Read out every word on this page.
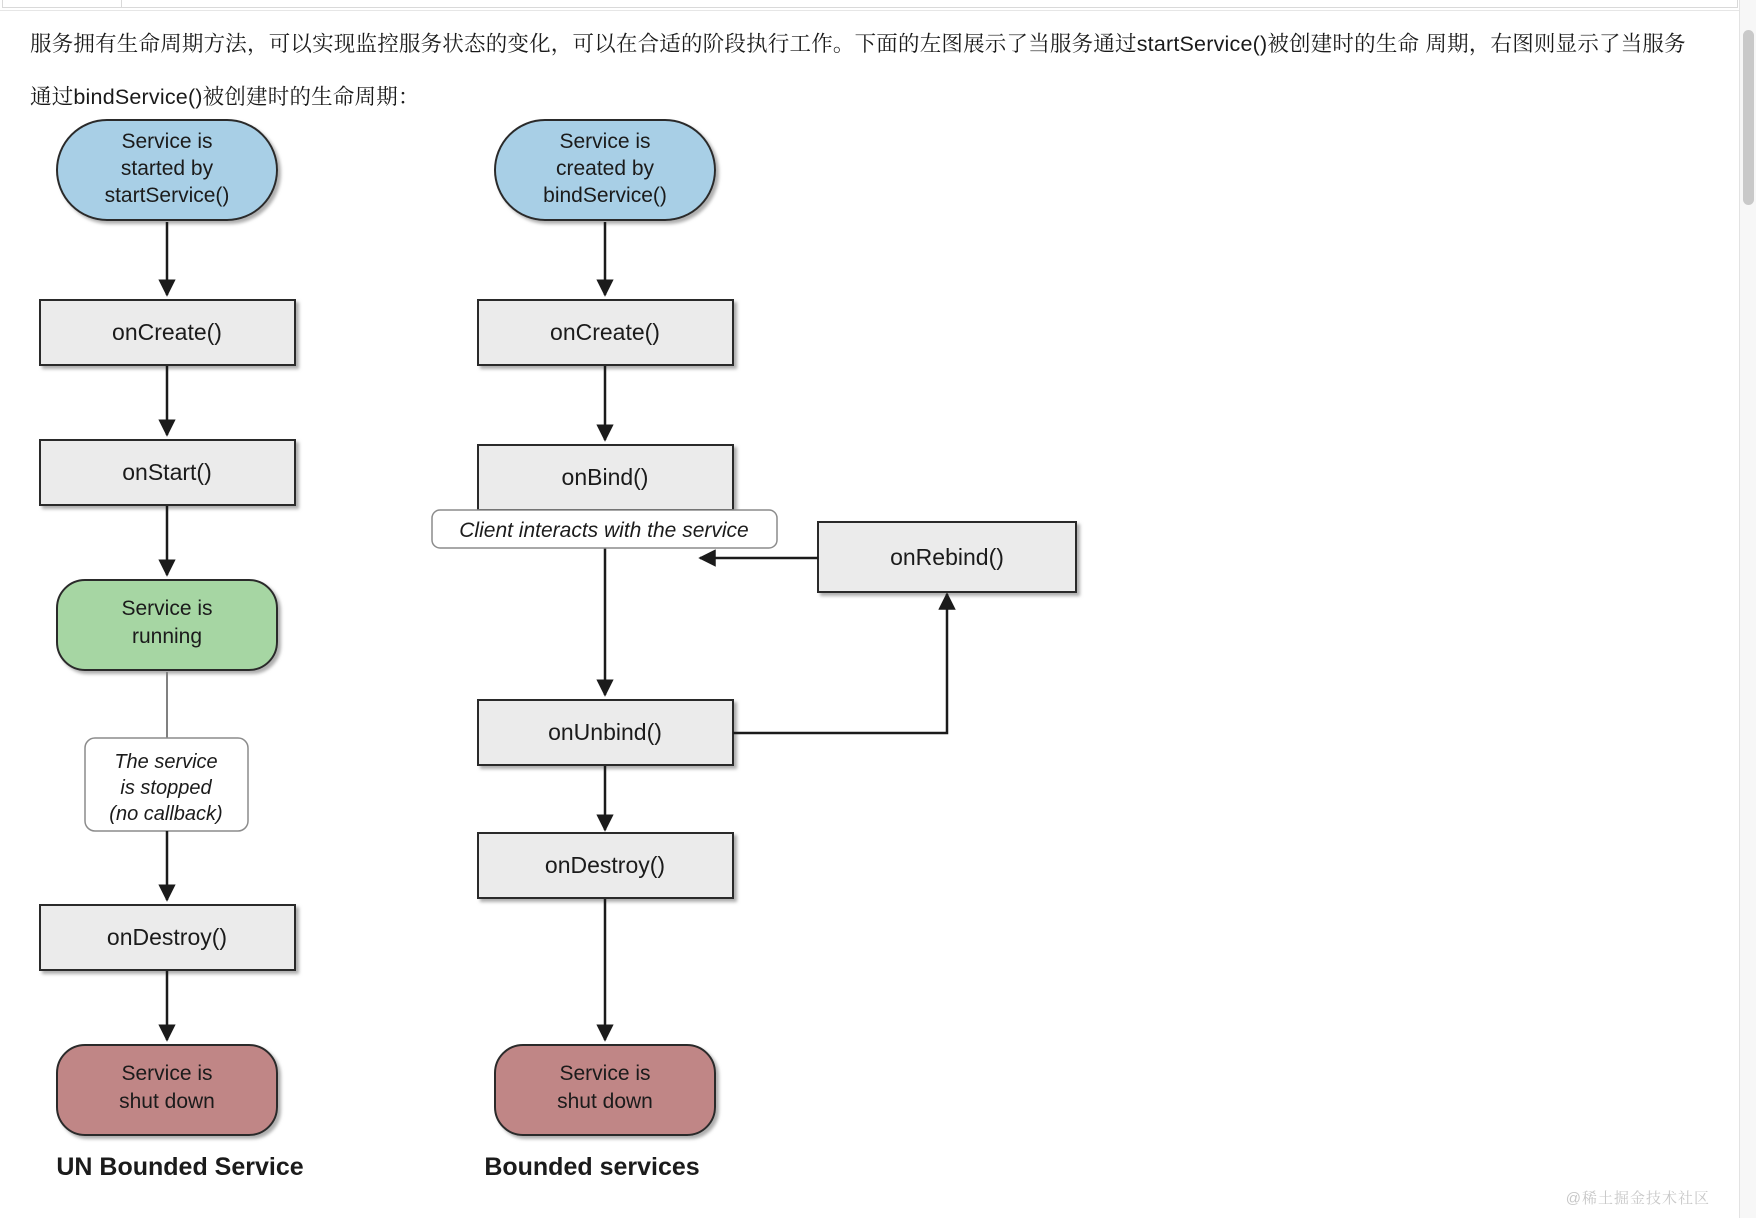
服务拥有生命周期方法，可以实现监控服务状态的变化，可以在合适的阶段执行工作。下面的左图展示了当服务通过startService()被创建时的生命 周期，右图则显示了当服务通过bindService()被创建时的生命周期：
Service is
started by
startService()
onCreate()
onStart()
Service is
running
The service
is stopped
(no callback)
onDestroy()
Service is
shut down
UN Bounded Service
Service is
created by
bindService()
onCreate()
onBind()
Client interacts with the service
onRebind()
onUnbind()
onDestroy()
Service is
shut down
Bounded services
@稀土掘金技术社区
